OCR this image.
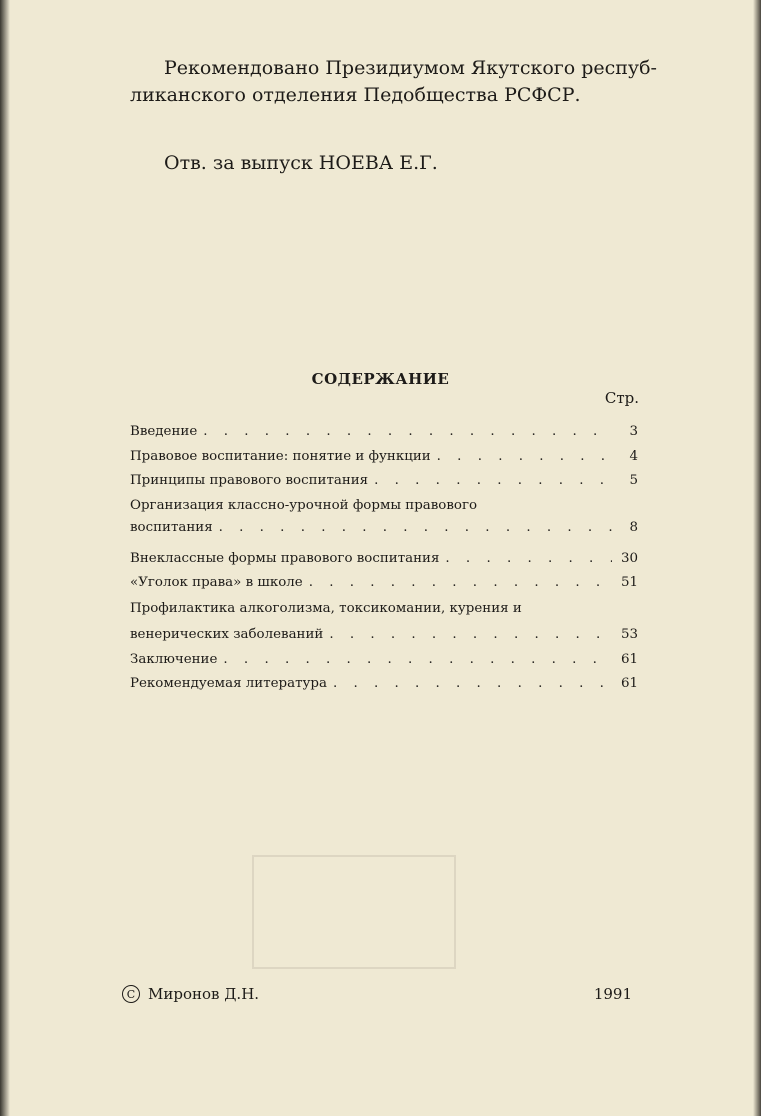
Рекомендовано Президиумом Якутского респуб-
ликанского отделения Педобщества РСФСР.
Отв. за выпуск НОЕВА Е.Г.
СОДЕРЖАНИЕ
Стр.
Введение . . .	3
Правовое воспитание: понятие и функции . . .	4
Принципы правового воспитания . . .	5
Организация классно-урочной формы правового
воспитания . . .	8
Внеклассные формы правового воспитания . . .	30
«Уголок права» в школе . . .	51
Профилактика алкоголизма, токсикомании, курения и
венерических заболеваний . . .	53
Заключение . . .	61
Рекомендуемая литература . . .	61
C Миронов Д.Н.	1991
